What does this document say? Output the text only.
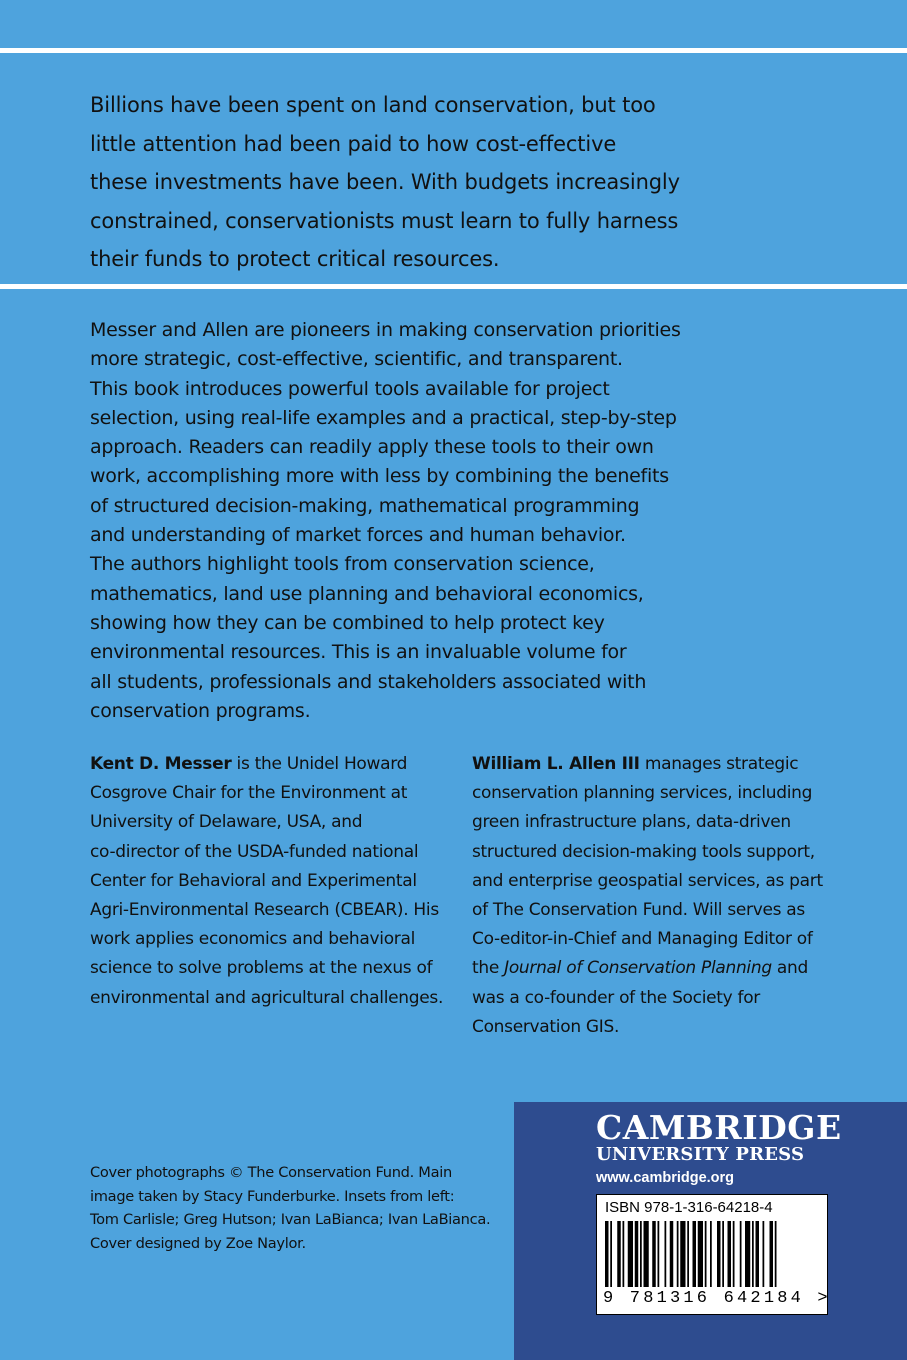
Billions have been spent on land conservation, but too
little attention had been paid to how cost-effective
these investments have been. With budgets increasingly
constrained, conservationists must learn to fully harness
their funds to protect critical resources.
Messer and Allen are pioneers in making conservation priorities
more strategic, cost-effective, scientific, and transparent.
This book introduces powerful tools available for project
selection, using real-life examples and a practical, step-by-step
approach. Readers can readily apply these tools to their own
work, accomplishing more with less by combining the benefits
of structured decision-making, mathematical programming
and understanding of market forces and human behavior.
The authors highlight tools from conservation science,
mathematics, land use planning and behavioral economics,
showing how they can be combined to help protect key
environmental resources. This is an invaluable volume for
all students, professionals and stakeholders associated with
conservation programs.
Kent D. Messer is the Unidel Howard
Cosgrove Chair for the Environment at
University of Delaware, USA, and
co-director of the USDA-funded national
Center for Behavioral and Experimental
Agri-Environmental Research (CBEAR). His
work applies economics and behavioral
science to solve problems at the nexus of
environmental and agricultural challenges.
William L. Allen III manages strategic
conservation planning services, including
green infrastructure plans, data-driven
structured decision-making tools support,
and enterprise geospatial services, as part
of The Conservation Fund. Will serves as
Co-editor-in-Chief and Managing Editor of
the Journal of Conservation Planning and
was a co-founder of the Society for
Conservation GIS.
Cover photographs © The Conservation Fund. Main
image taken by Stacy Funderburke. Insets from left:
Tom Carlisle; Greg Hutson; Ivan LaBianca; Ivan LaBianca.
Cover designed by Zoe Naylor.
CAMBRIDGE
UNIVERSITY PRESS
www.cambridge.org
ISBN 978-1-316-64218-4
9 781316 642184 >
